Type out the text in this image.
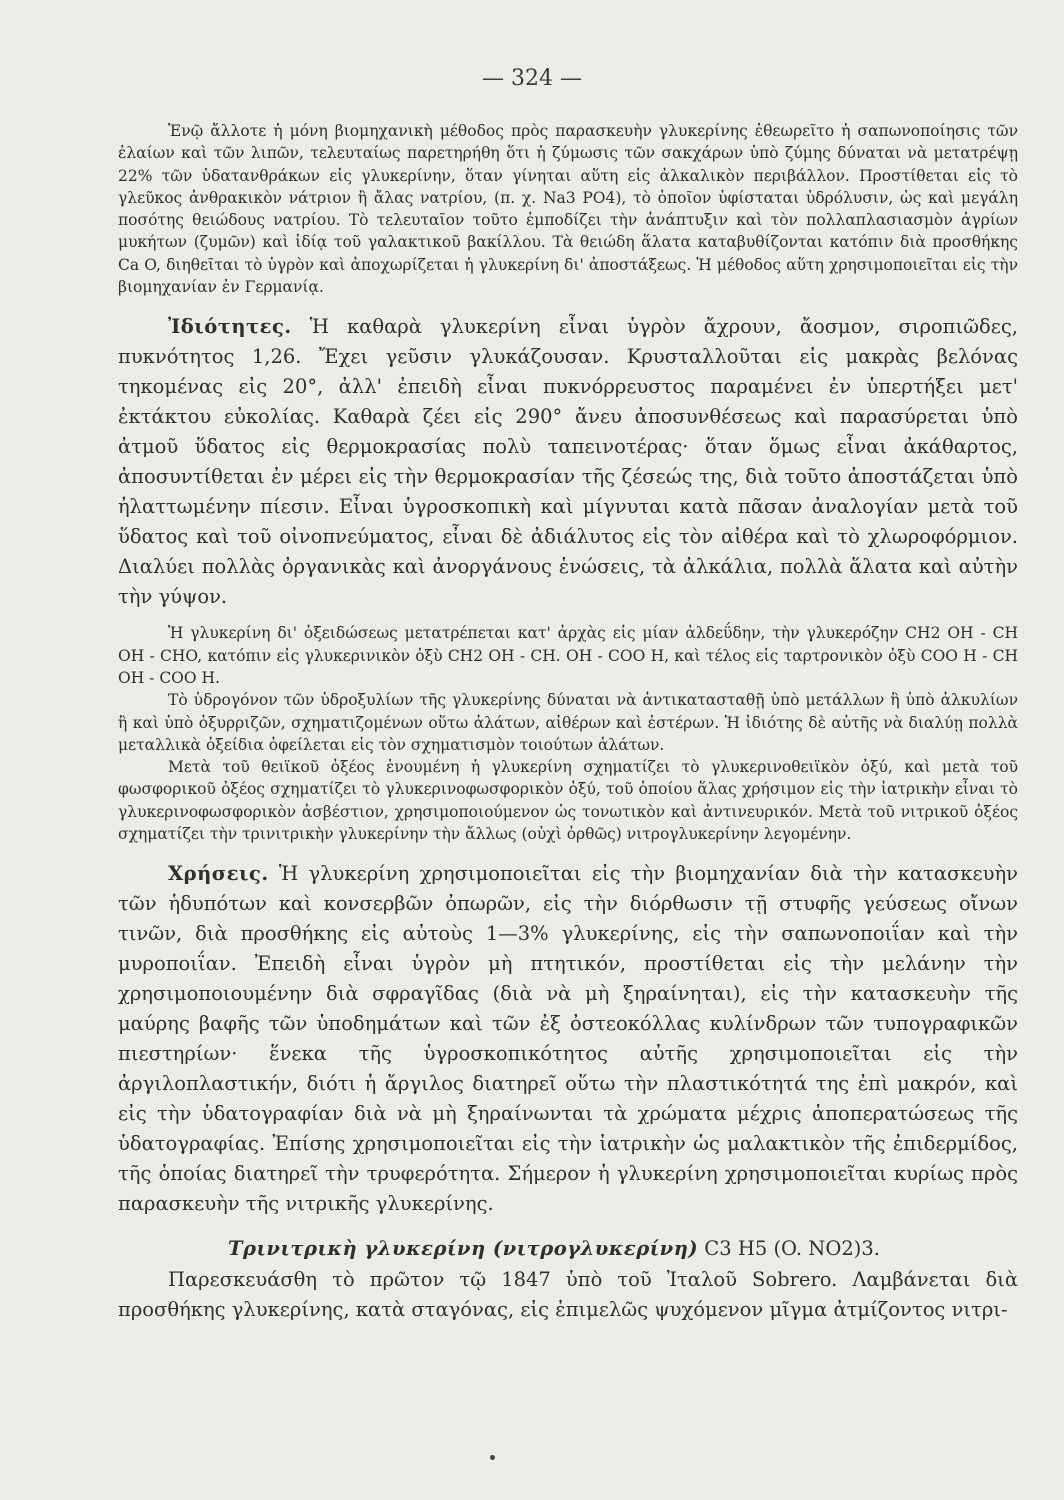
— 324 —

Ἐνῷ ἄλλοτε ἡ μόνη βιομηχανικὴ μέθοδος πρὸς παρασκευὴν γλυκερίνης ἐθεωρεῖτο ἡ σαπωνοποίησις τῶν ἐλαίων καὶ τῶν λιπῶν, τελευταίως παρετηρήθη ὅτι ἡ ζύμωσις τῶν σακχάρων ὑπὸ ζύμης δύναται νὰ μετατρέψῃ 22% τῶν ὑδατανθράκων εἰς γλυκερίνην, ὅταν γίνηται αὕτη εἰς ἀλκαλικὸν περιβάλλον. Προστίθεται εἰς τὸ γλεῦκος ἀνθρακικὸν νάτριον ἢ ἄλας νατρίου, (π. χ. Na3 PO4), τὸ ὁποῖον ὑφίσταται ὑδρόλυσιν, ὡς καὶ μεγάλη ποσότης θειώδους νατρίου. Τὸ τελευταῖον τοῦτο ἐμποδίζει τὴν ἀνάπτυξιν καὶ τὸν πολλαπλασιασμὸν ἀγρίων μυκήτων (ζυμῶν) καὶ ἰδίᾳ τοῦ γαλακτικοῦ βακίλλου. Τὰ θειώδη ἅλατα καταβυθίζονται κατόπιν διὰ προσθήκης Ca O, διηθεῖται τὸ ὑγρὸν καὶ ἀποχωρίζεται ἡ γλυκερίνη δι' ἀποστάξεως. Ἡ μέθοδος αὕτη χρησιμοποιεῖται εἰς τὴν βιομηχανίαν ἐν Γερμανίᾳ.

Ἰδιότητες. Ἡ καθαρὰ γλυκερίνη εἶναι ὑγρὸν ἄχρουν, ἄοσμον, σιροπιῶδες, πυκνότητος 1,26. Ἔχει γεῦσιν γλυκάζουσαν. Κρυσταλλοῦται εἰς μακρὰς βελόνας τηκομένας εἰς 20°, ἀλλ' ἐπειδὴ εἶναι πυκνόρρευστος παραμένει ἐν ὑπερτήξει μετ' ἐκτάκτου εὐκολίας. Καθαρὰ ζέει εἰς 290° ἄνευ ἀποσυνθέσεως καὶ παρασύρεται ὑπὸ ἀτμοῦ ὕδατος εἰς θερμοκρασίας πολὺ ταπεινοτέρας· ὅταν ὅμως εἶναι ἀκάθαρτος, ἀποσυντίθεται ἐν μέρει εἰς τὴν θερμοκρασίαν τῆς ζέσεώς της, διὰ τοῦτο ἀποστάζεται ὑπὸ ἠλαττωμένην πίεσιν. Εἶναι ὑγροσκοπικὴ καὶ μίγνυται κατὰ πᾶσαν ἀναλογίαν μετὰ τοῦ ὕδατος καὶ τοῦ οἰνοπνεύματος, εἶναι δὲ ἀδιάλυτος εἰς τὸν αἰθέρα καὶ τὸ χλωροφόρμιον. Διαλύει πολλὰς ὀργανικὰς καὶ ἀνοργάνους ἑνώσεις, τὰ ἀλκάλια, πολλὰ ἅλατα καὶ αὐτὴν τὴν γύψον.

Ἡ γλυκερίνη δι' ὀξειδώσεως μετατρέπεται κατ' ἀρχὰς εἰς μίαν ἀλδεΰδην, τὴν γλυκερόζην CH2 OH - CH OH - CHO, κατόπιν εἰς γλυκερινικὸν ὀξὺ CH2 OH - CH. OH - COO H, καὶ τέλος εἰς ταρτρονικὸν ὀξὺ COO H - CH OH - COO H.

Τὸ ὑδρογόνον τῶν ὑδροξυλίων τῆς γλυκερίνης δύναται νὰ ἀντικατασταθῇ ὑπὸ μετάλλων ἢ ὑπὸ ἀλκυλίων ἢ καὶ ὑπὸ ὀξυρριζῶν, σχηματιζομένων οὕτω ἁλάτων, αἰθέρων καὶ ἐστέρων. Ἡ ἰδιότης δὲ αὐτῆς νὰ διαλύῃ πολλὰ μεταλλικὰ ὀξείδια ὀφείλεται εἰς τὸν σχηματισμὸν τοιούτων ἁλάτων.

Μετὰ τοῦ θειϊκοῦ ὀξέος ἑνουμένη ἡ γλυκερίνη σχηματίζει τὸ γλυκερινοθειϊκὸν ὀξύ, καὶ μετὰ τοῦ φωσφορικοῦ ὀξέος σχηματίζει τὸ γλυκερινοφωσφορικὸν ὀξύ, τοῦ ὁποίου ἅλας χρήσιμον εἰς τὴν ἰατρικὴν εἶναι τὸ γλυκερινοφωσφορικὸν ἀσβέστιον, χρησιμοποιούμενον ὡς τονωτικὸν καὶ ἀντινευρικόν. Μετὰ τοῦ νιτρικοῦ ὀξέος σχηματίζει τὴν τρινιτρικὴν γλυκερίνην τὴν ἄλλως (οὐχὶ ὀρθῶς) νιτρογλυκερίνην λεγομένην.

Χρήσεις. Ἡ γλυκερίνη χρησιμοποιεῖται εἰς τὴν βιομηχανίαν διὰ τὴν κατασκευὴν τῶν ἡδυπότων καὶ κονσερβῶν ὀπωρῶν, εἰς τὴν διόρθωσιν τῇ στυφῆς γεύσεως οἴνων τινῶν, διὰ προσθήκης εἰς αὐτοὺς 1—3% γλυκερίνης, εἰς τὴν σαπωνοποιΐαν καὶ τὴν μυροποιΐαν. Ἐπειδὴ εἶναι ὑγρὸν μὴ πτητικόν, προστίθεται εἰς τὴν μελάνην τὴν χρησιμοποιουμένην διὰ σφραγῖδας (διὰ νὰ μὴ ξηραίνηται), εἰς τὴν κατασκευὴν τῆς μαύρης βαφῆς τῶν ὑποδημάτων καὶ τῶν ἐξ ὀστεοκόλλας κυλίνδρων τῶν τυπογραφικῶν πιεστηρίων· ἕνεκα τῆς ὑγροσκοπικότητος αὐτῆς χρησιμοποιεῖται εἰς τὴν ἀργιλοπλαστικήν, διότι ἡ ἄργιλος διατηρεῖ οὕτω τὴν πλαστικότητά της ἐπὶ μακρόν, καὶ εἰς τὴν ὑδατογραφίαν διὰ νὰ μὴ ξηραίνωνται τὰ χρώματα μέχρις ἀποπερατώσεως τῆς ὑδατογραφίας. Ἐπίσης χρησιμοποιεῖται εἰς τὴν ἰατρικὴν ὡς μαλακτικὸν τῆς ἐπιδερμίδος, τῆς ὁποίας διατηρεῖ τὴν τρυφερότητα. Σήμερον ἡ γλυκερίνη χρησιμοποιεῖται κυρίως πρὸς παρασκευὴν τῆς νιτρικῆς γλυκερίνης.

Τρινιτρικὴ γλυκερίνη (νιτρογλυκερίνη) C3 H5 (O. NO2)3.

Παρεσκευάσθη τὸ πρῶτον τῷ 1847 ὑπὸ τοῦ Ἰταλοῦ Sobrero. Λαμβάνεται διὰ προσθήκης γλυκερίνης, κατὰ σταγόνας, εἰς ἐπιμελῶς ψυχόμενον μῖγμα ἀτμίζοντος νιτρι-
